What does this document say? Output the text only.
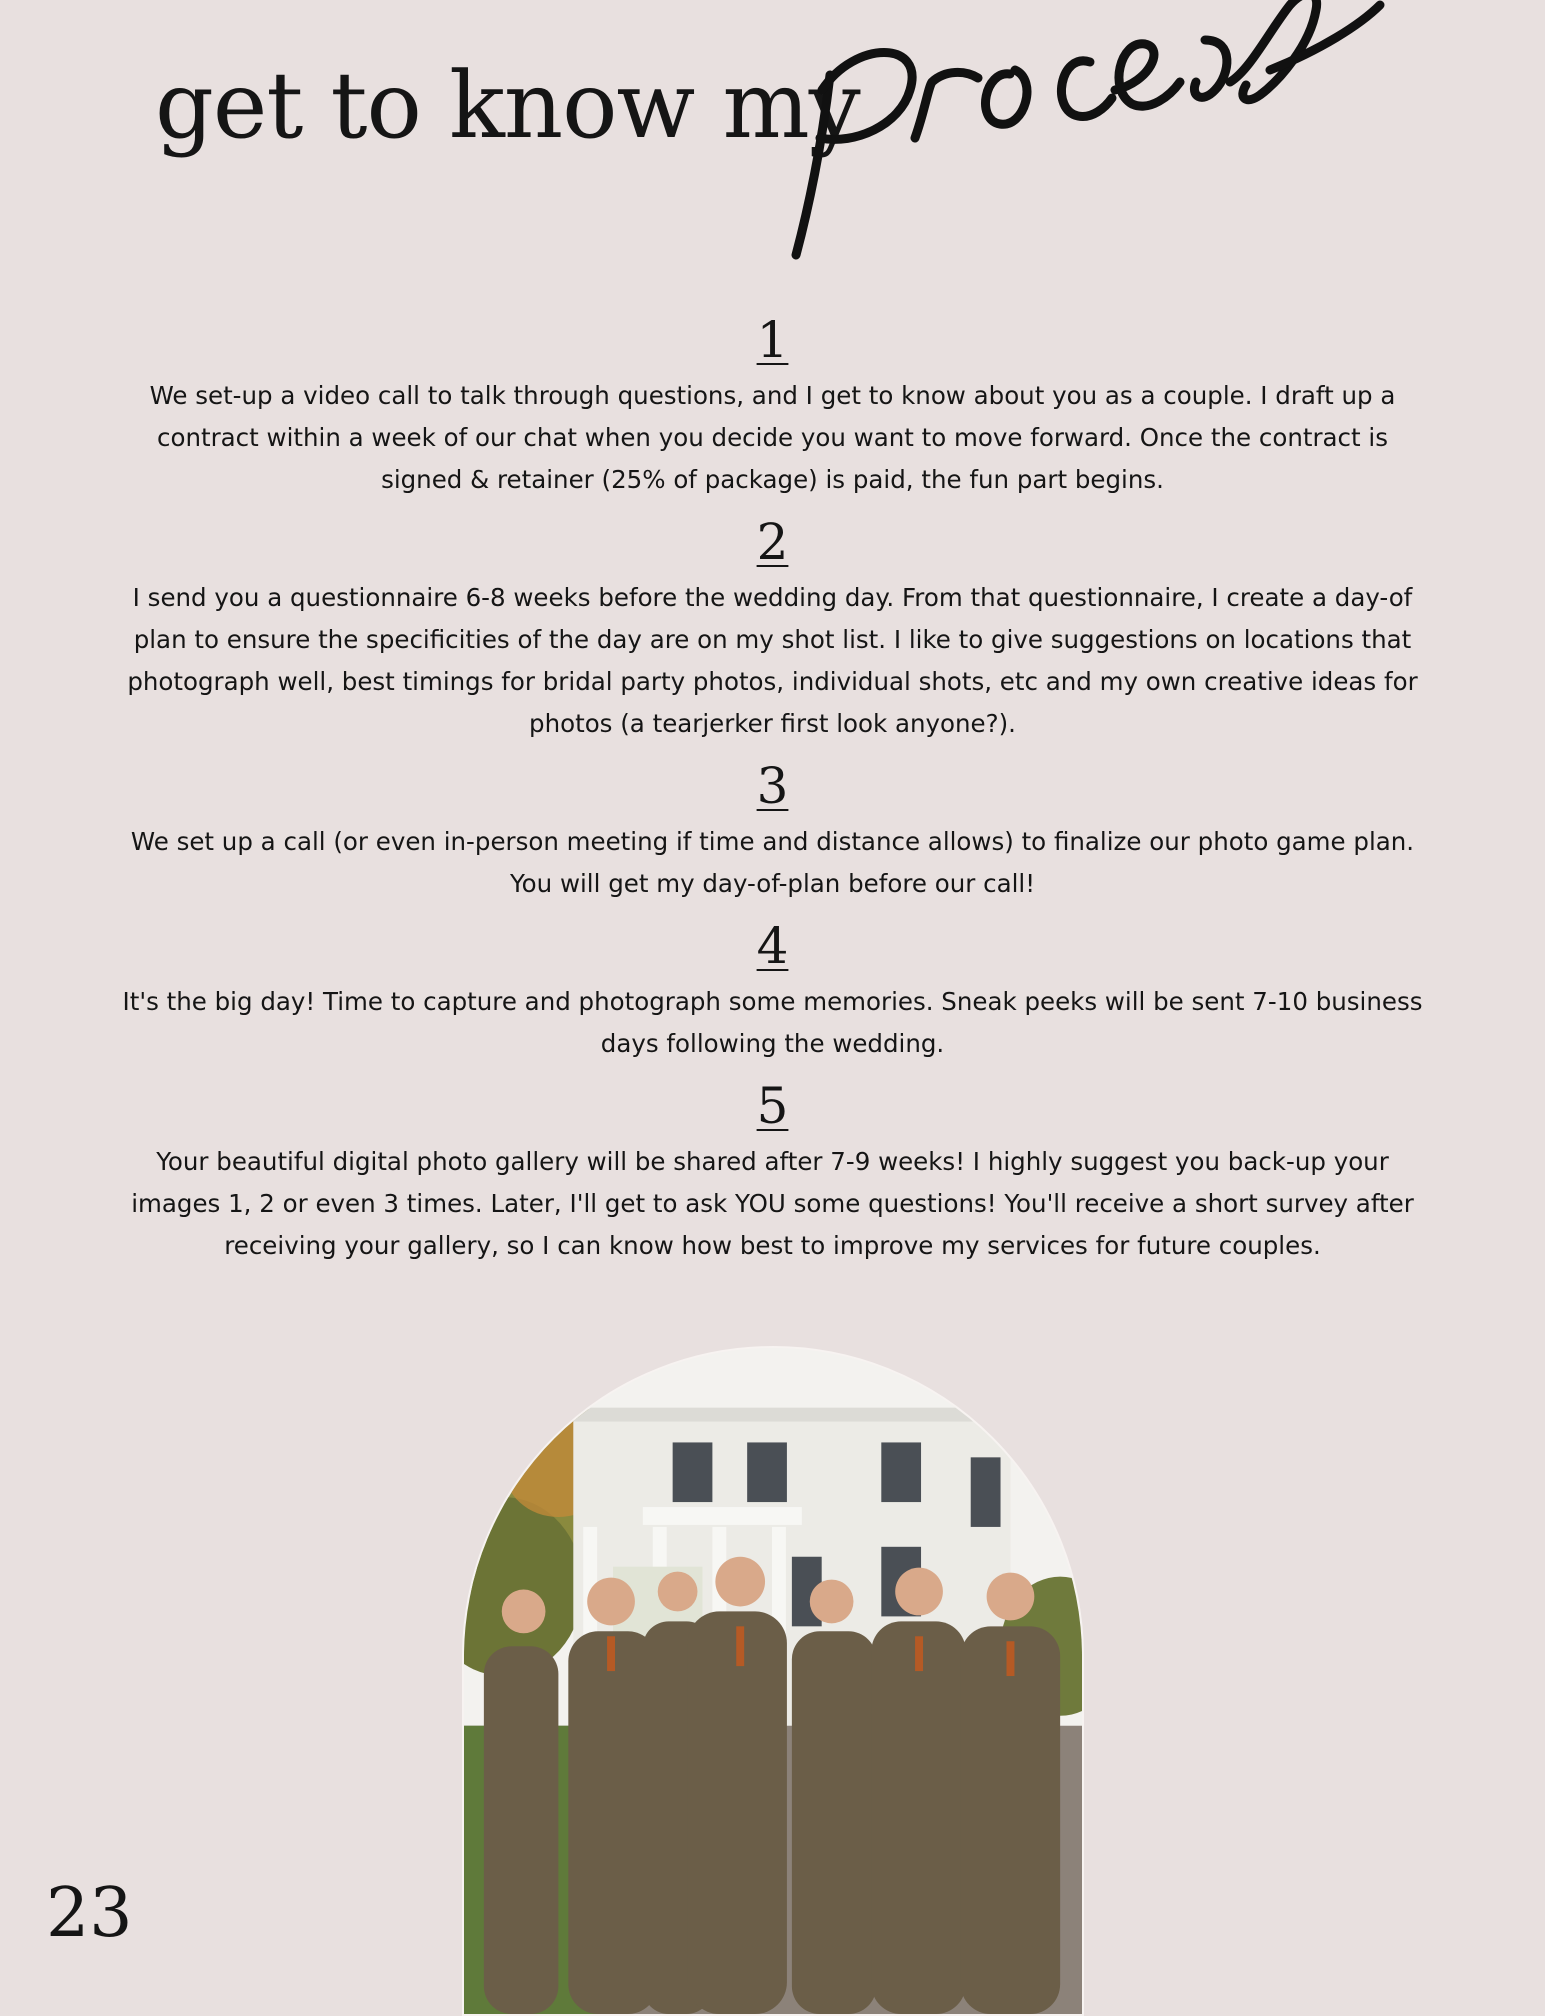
get to know my
1

We set-up a video call to talk through questions, and I get to know about you as a couple. I draft up a contract within a week of our chat when you decide you want to move forward. Once the contract is signed & retainer (25% of package) is paid, the fun part begins.

2

I send you a questionnaire 6-8 weeks before the wedding day. From that questionnaire, I create a day-of plan to ensure the specificities of the day are on my shot list. I like to give suggestions on locations that photograph well, best timings for bridal party photos, individual shots, etc and my own creative ideas for photos (a tearjerker first look anyone?).

3

We set up a call (or even in-person meeting if time and distance allows) to finalize our photo game plan. You will get my day-of-plan before our call!

4

It's the big day! Time to capture and photograph some memories. Sneak peeks will be sent 7-10 business days following the wedding.

5

Your beautiful digital photo gallery will be shared after 7-9 weeks! I highly suggest you back-up your images 1, 2 or even 3 times. Later, I'll get to ask YOU some questions! You'll receive a short survey after receiving your gallery, so I can know how best to improve my services for future couples.

23
